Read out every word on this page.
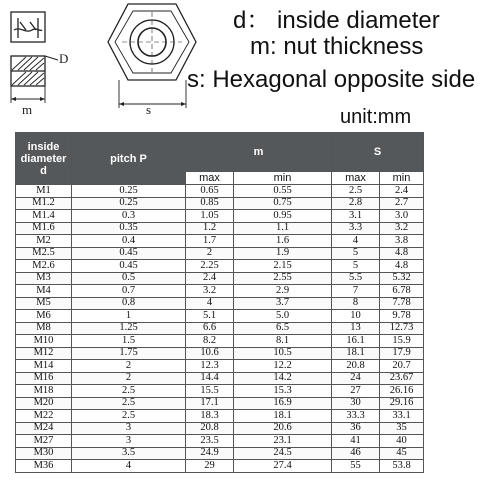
D
m	s
d： inside diameter
m: nut thickness
s: Hexagonal opposite side
unit:mm
inside diameter d	pitch P	m		S	
		max	min	max	min
M1	0.25	0.65	0.55	2.5	2.4
M1.2	0.25	0.85	0.75	2.8	2.7
M1.4	0.3	1.05	0.95	3.1	3.0
M1.6	0.35	1.2	1.1	3.3	3.2
M2	0.4	1.7	1.6	4	3.8
M2.5	0.45	2	1.9	5	4.8
M2.6	0.45	2.25	2.15	5	4.8
M3	0.5	2.4	2.55	5.5	5.32
M4	0.7	3.2	2.9	7	6.78
M5	0.8	4	3.7	8	7.78
M6	1	5.1	5.0	10	9.78
M8	1.25	6.6	6.5	13	12.73
M10	1.5	8.2	8.1	16.1	15.9
M12	1.75	10.6	10.5	18.1	17.9
M14	2	12.3	12.2	20.8	20.7
M16	2	14.4	14.2	24	23.67
M18	2.5	15.5	15.3	27	26.16
M20	2.5	17.1	16.9	30	29.16
M22	2.5	18.3	18.1	33.3	33.1
M24	3	20.8	20.6	36	35
M27	3	23.5	23.1	41	40
M30	3.5	24.9	24.5	46	45
M36	4	29	27.4	55	53.8
